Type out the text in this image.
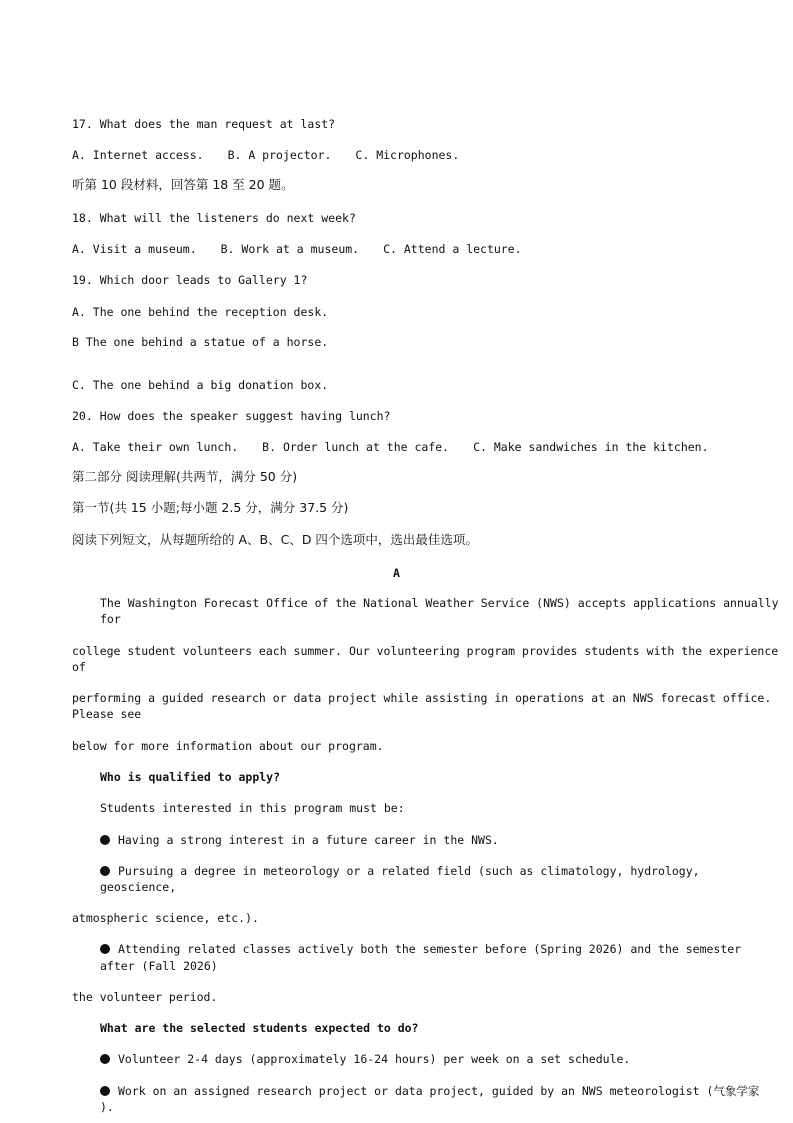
17. What does the man request at last?
A. Internet access. B. A projector. C. Microphones.
听第 10 段材料，回答第 18 至 20 题。
18. What will the listeners do next week?
A. Visit a museum. B. Work at a museum. C. Attend a lecture.
19. Which door leads to Gallery 1?
A. The one behind the reception desk.
B The one behind a statue of a horse.
C. The one behind a big donation box.
20. How does the speaker suggest having lunch?
A. Take their own lunch. B. Order lunch at the cafe. C. Make sandwiches in the kitchen.
第二部分 阅读理解(共两节，满分 50 分)
第一节(共 15 小题;每小题 2.5 分，满分 37.5 分)
阅读下列短文，从每题所给的 A、B、C、D 四个选项中，选出最佳选项。
A
The Washington Forecast Office of the National Weather Service (NWS) accepts applications annually
for
college student volunteers each summer. Our volunteering program provides students with the experience
of
performing a guided research or data project while assisting in operations at an NWS forecast office.
Please see
below for more information about our program.
Who is qualified to apply?
Students interested in this program must be:
Having a strong interest in a future career in the NWS.
Pursuing a degree in meteorology or a related field (such as climatology, hydrology,
geoscience,
atmospheric science, etc.).
Attending related classes actively both the semester before (Spring 2026) and the semester
after (Fall 2026)
the volunteer period.
What are the selected students expected to do?
Volunteer 2-4 days (approximately 16-24 hours) per week on a set schedule.
Work on an assigned research project or data project, guided by an NWS meteorologist (气象学家
).
